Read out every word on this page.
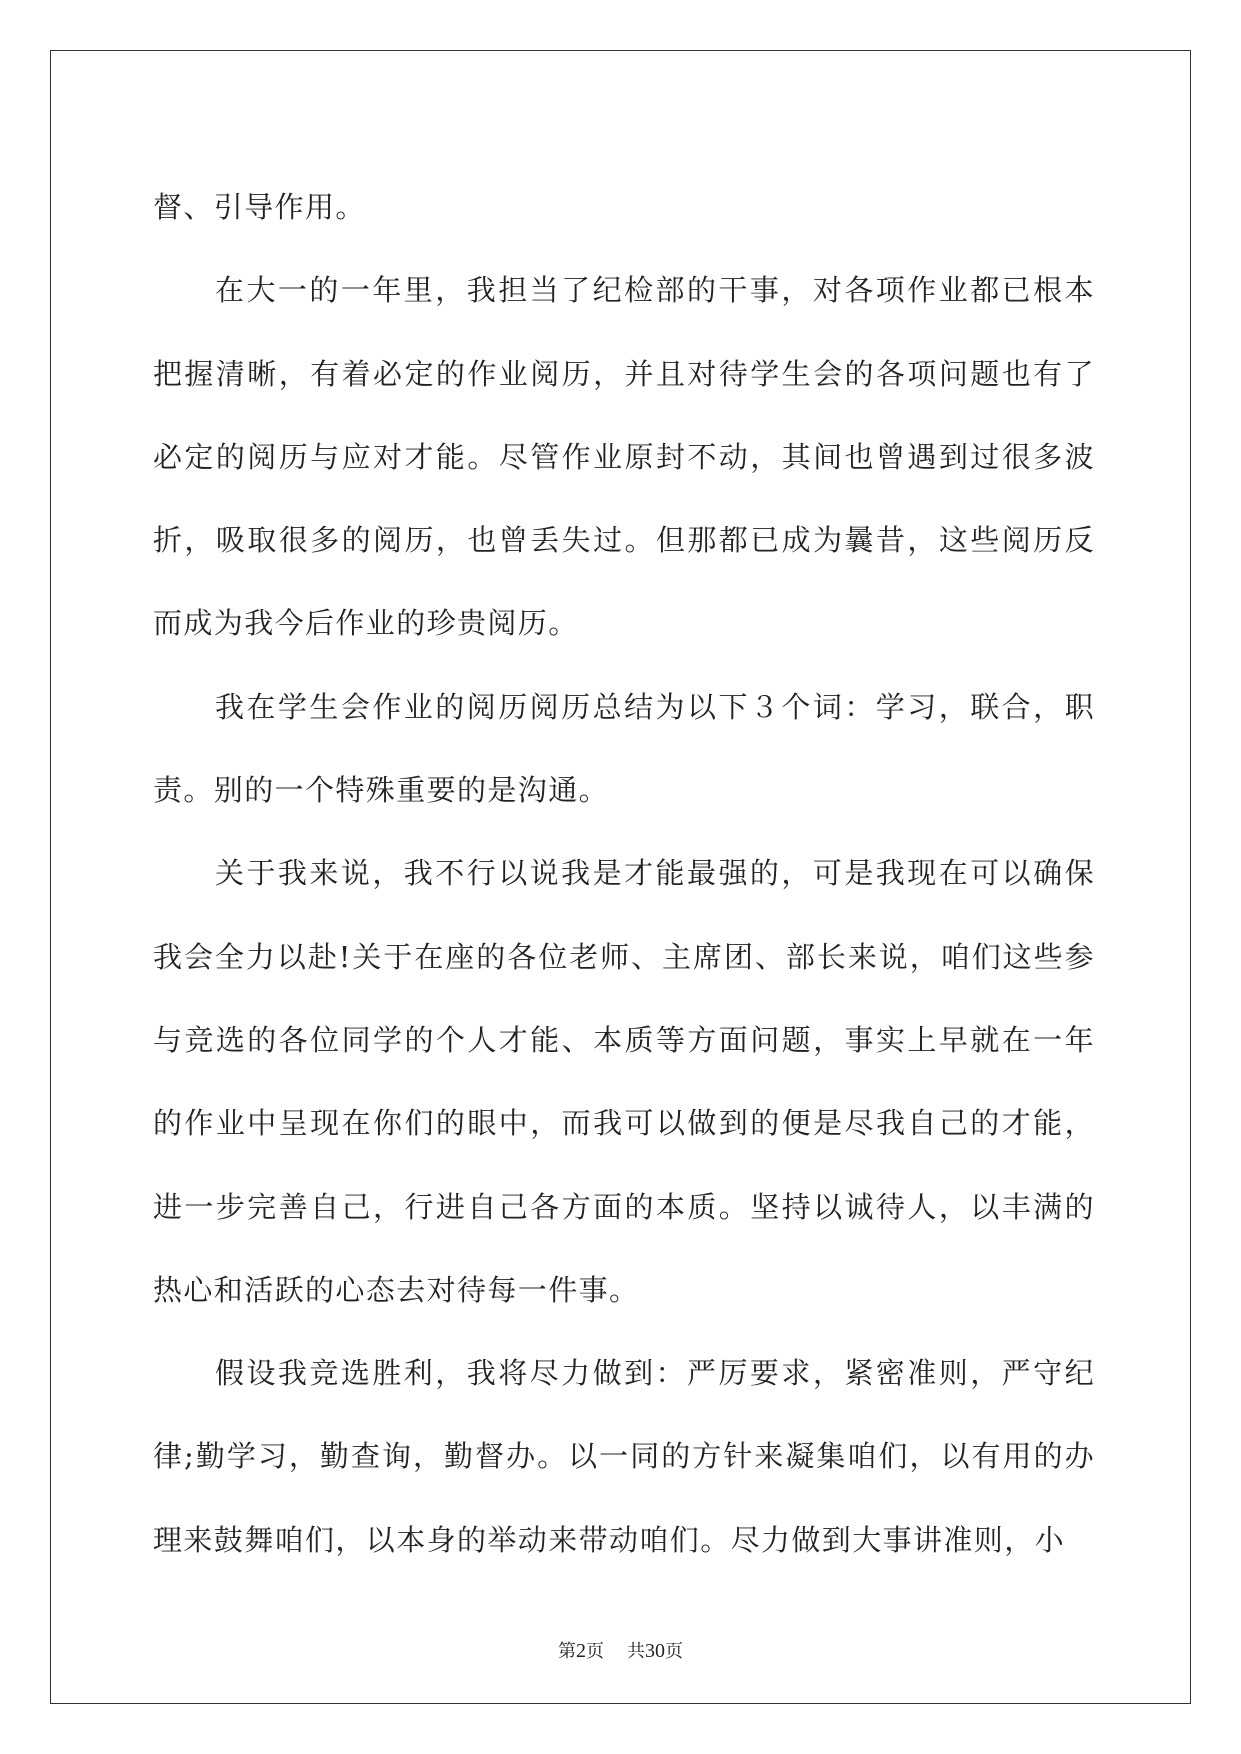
督、引导作用。

在大一的一年里，我担当了纪检部的干事，对各项作业都已根本把握清晰，有着必定的作业阅历，并且对待学生会的各项问题也有了必定的阅历与应对才能。尽管作业原封不动，其间也曾遇到过很多波折，吸取很多的阅历，也曾丢失过。但那都已成为曩昔，这些阅历反而成为我今后作业的珍贵阅历。

我在学生会作业的阅历阅历总结为以下３个词：学习，联合，职责。别的一个特殊重要的是沟通。

关于我来说，我不行以说我是才能最强的，可是我现在可以确保我会全力以赴!关于在座的各位老师、主席团、部长来说，咱们这些参与竞选的各位同学的个人才能、本质等方面问题，事实上早就在一年的作业中呈现在你们的眼中，而我可以做到的便是尽我自己的才能，进一步完善自己，行进自己各方面的本质。坚持以诚待人，以丰满的热心和活跃的心态去对待每一件事。

假设我竞选胜利，我将尽力做到：严厉要求，紧密准则，严守纪律;勤学习，勤查询，勤督办。以一同的方针来凝集咱们，以有用的办理来鼓舞咱们，以本身的举动来带动咱们。尽力做到大事讲准则，小

第2页 共30页
